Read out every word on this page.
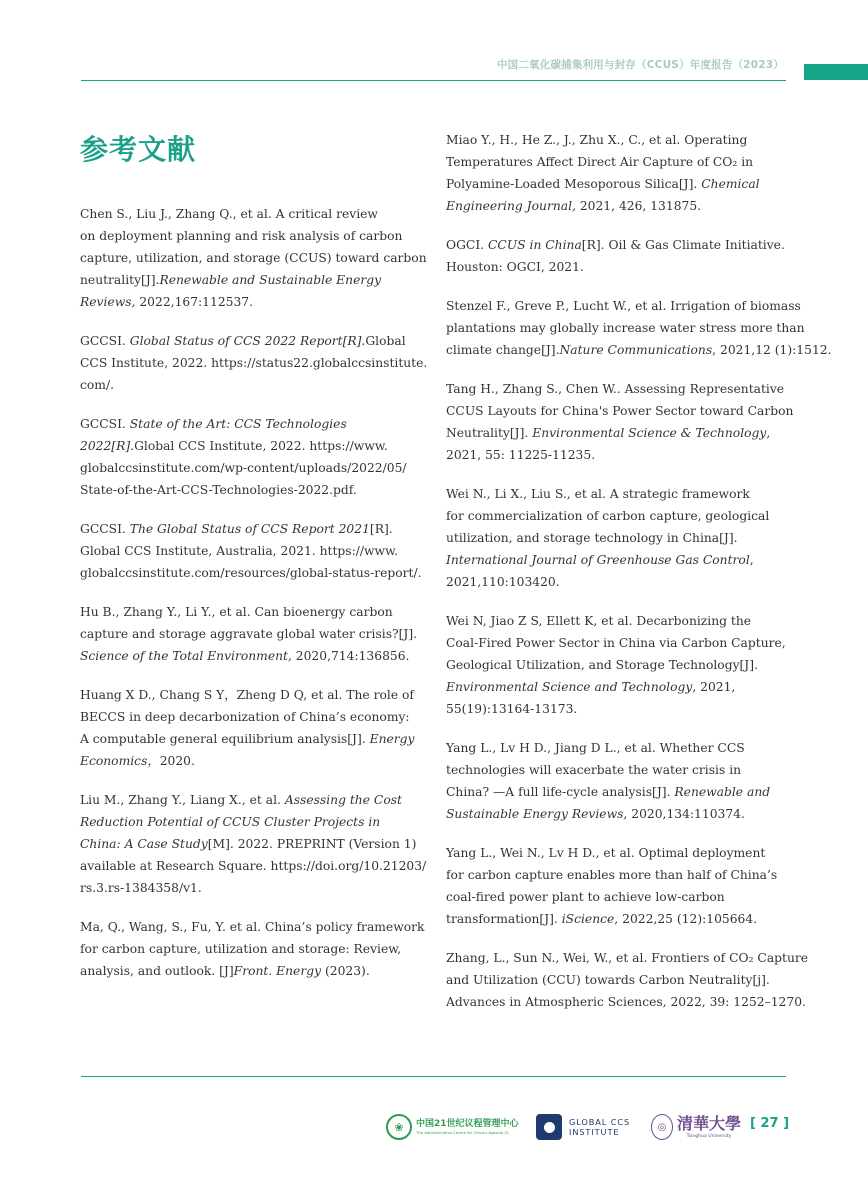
中国二氧化碳捕集利用与封存（CCUS）年度报告（2023）
参考文献

Chen S., Liu J., Zhang Q., et al. A critical review
on deployment planning and risk analysis of carbon
capture, utilization, and storage (CCUS) toward carbon
neutrality[J].Renewable and Sustainable Energy
Reviews, 2022,167:112537.

GCCSI. Global Status of CCS 2022 Report[R].Global
CCS Institute, 2022. https://status22.globalccsinstitute.
com/.

GCCSI. State of the Art: CCS Technologies
2022[R].Global CCS Institute, 2022. https://www.
globalccsinstitute.com/wp-content/uploads/2022/05/
State-of-the-Art-CCS-Technologies-2022.pdf.

GCCSI. The Global Status of CCS Report 2021[R].
Global CCS Institute, Australia, 2021. https://www.
globalccsinstitute.com/resources/global-status-report/.

Hu B., Zhang Y., Li Y., et al. Can bioenergy carbon
capture and storage aggravate global water crisis?[J].
Science of the Total Environment, 2020,714:136856.

Huang X D., Chang S Y，Zheng D Q, et al. The role of
BECCS in deep decarbonization of China’s economy:
A computable general equilibrium analysis[J]. Energy
Economics，2020.

Liu M., Zhang Y., Liang X., et al. Assessing the Cost
Reduction Potential of CCUS Cluster Projects in
China: A Case Study[M]. 2022. PREPRINT (Version 1)
available at Research Square. https://doi.org/10.21203/
rs.3.rs-1384358/v1.

Ma, Q., Wang, S., Fu, Y. et al. China’s policy framework
for carbon capture, utilization and storage: Review,
analysis, and outlook. [J]Front. Energy (2023).

Miao Y., H., He Z., J., Zhu X., C., et al. Operating
Temperatures Affect Direct Air Capture of CO₂ in
Polyamine-Loaded Mesoporous Silica[J]. Chemical
Engineering Journal, 2021, 426, 131875.

OGCI. CCUS in China[R]. Oil & Gas Climate Initiative.
Houston: OGCI, 2021.

Stenzel F., Greve P., Lucht W., et al. Irrigation of biomass
plantations may globally increase water stress more than
climate change[J].Nature Communications, 2021,12 (1):1512.

Tang H., Zhang S., Chen W.. Assessing Representative
CCUS Layouts for China's Power Sector toward Carbon
Neutrality[J]. Environmental Science & Technology,
2021, 55: 11225-11235.

Wei N., Li X., Liu S., et al. A strategic framework
for commercialization of carbon capture, geological
utilization, and storage technology in China[J].
International Journal of Greenhouse Gas Control,
2021,110:103420.

Wei N, Jiao Z S, Ellett K, et al. Decarbonizing the
Coal-Fired Power Sector in China via Carbon Capture,
Geological Utilization, and Storage Technology[J].
Environmental Science and Technology, 2021,
55(19):13164-13173.

Yang L., Lv H D., Jiang D L., et al. Whether CCS
technologies will exacerbate the water crisis in
China? —A full life-cycle analysis[J]. Renewable and
Sustainable Energy Reviews, 2020,134:110374.

Yang L., Wei N., Lv H D., et al. Optimal deployment
for carbon capture enables more than half of China’s
coal-fired power plant to achieve low-carbon
transformation[J]. iScience, 2022,25 (12):105664.

Zhang, L., Sun N., Wei, W., et al. Frontiers of CO₂ Capture
and Utilization (CCU) towards Carbon Neutrality[j].
Advances in Atmospheric Sciences, 2022, 39: 1252–1270.

❀	中国21世纪议程管理中心
The Administrative Centre for China's Agenda 21
GLOBAL CCS
INSTITUTE	◎ 清華大學
Tsinghua University
[ 27 ]
